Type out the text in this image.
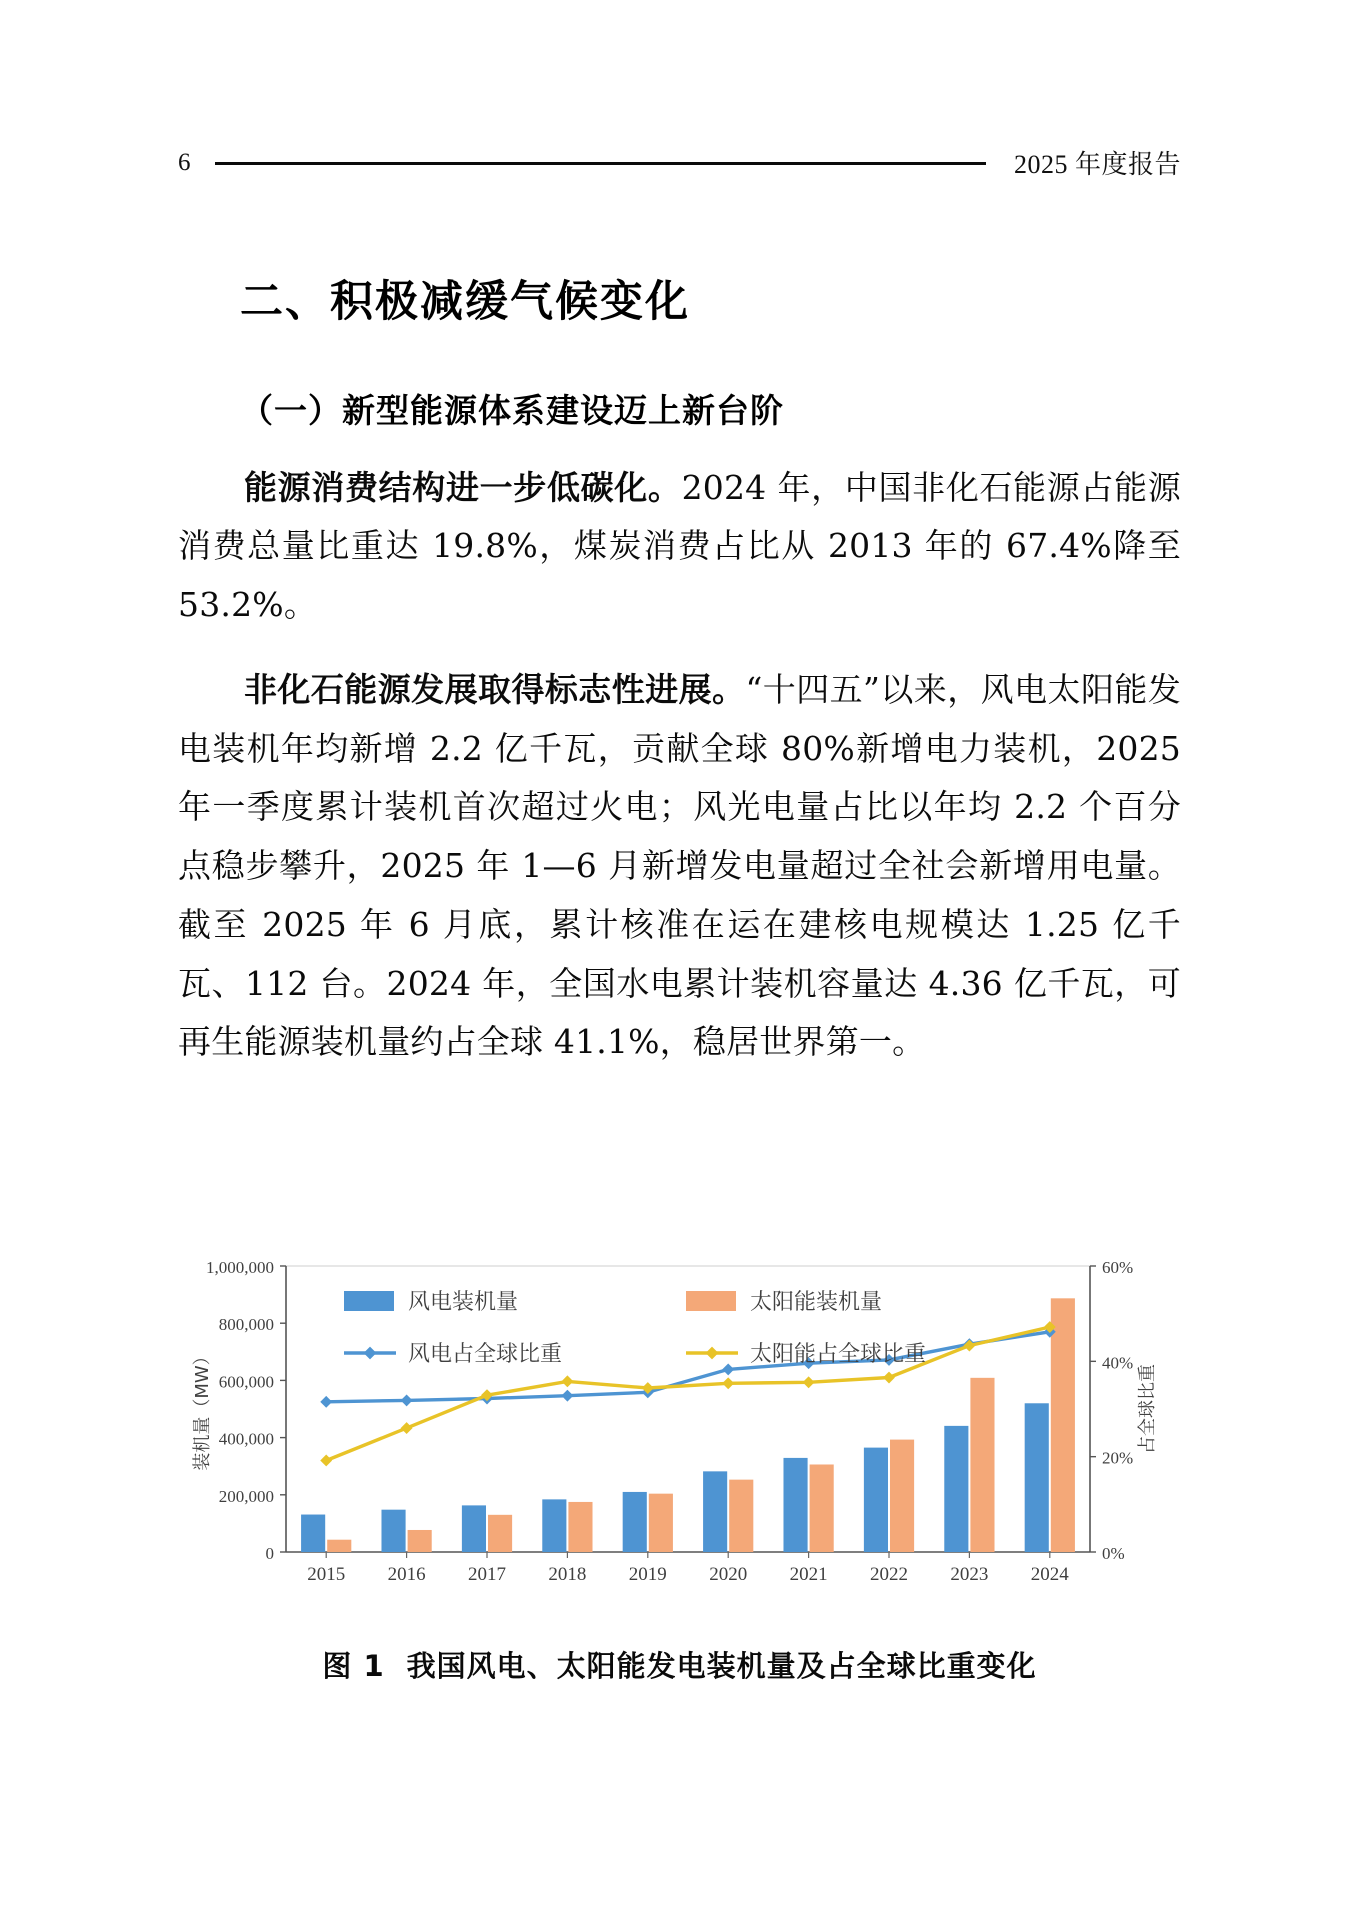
6	2025 年度报告
二、积极减缓气候变化
（一）新型能源体系建设迈上新台阶

能源消费结构进一步低碳化。2024 年，中国非化石能源占能源消费总量比重达 19.8%，煤炭消费占比从 2013 年的 67.4%降至 53.2%。

非化石能源发展取得标志性进展。“十四五”以来，风电太阳能发电装机年均新增 2.2 亿千瓦，贡献全球 80%新增电力装机，2025 年一季度累计装机首次超过火电；风光电量占比以年均 2.2 个百分点稳步攀升，2025 年 1—6 月新增发电量超过全社会新增用电量。截至 2025 年 6 月底，累计核准在运在建核电规模达 1.25 亿千瓦、112 台。2024 年，全国水电累计装机容量达 4.36 亿千瓦，可再生能源装机量约占全球 41.1%，稳居世界第一。

0
200,000
400,000
600,000
800,000
1,000,000
0%
20%
40%
60%
装机量（MW）	占全球比重
2015 2016 2017 2018 2019 2020 2021 2022 2023 2024
风电装机量	太阳能装机量
风电占全球比重	太阳能占全球比重
图 1 我国风电、太阳能发电装机量及占全球比重变化
